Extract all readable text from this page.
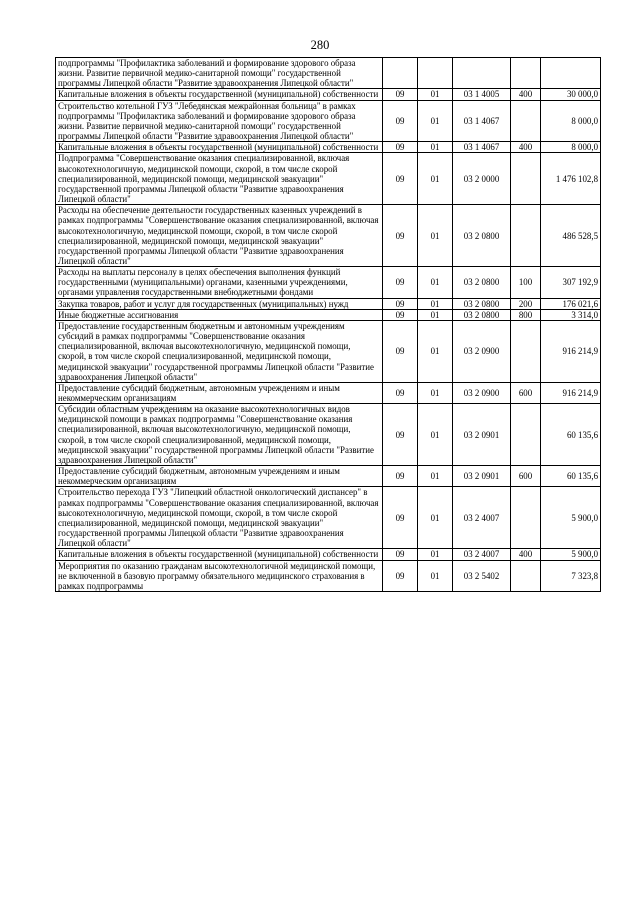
280
подпрограммы "Профилактика заболеваний и формирование здорового образа жизни. Развитие первичной медико-санитарной помощи" государственной программы Липецкой области "Развитие здравоохранения Липецкой области"					
Капитальные вложения в объекты государственной (муниципальной) собственности	09	01	03 1 4005	400	30 000,0
Строительство котельной ГУЗ "Лебедянская межрайонная больница" в рамках подпрограммы "Профилактика заболеваний и формирование здорового образа жизни. Развитие первичной медико-санитарной помощи" государственной программы Липецкой области "Развитие здравоохранения Липецкой области"	09	01	03 1 4067		8 000,0
Капитальные вложения в объекты государственной (муниципальной) собственности	09	01	03 1 4067	400	8 000,0
Подпрограмма "Совершенствование оказания специализированной, включая высокотехнологичную, медицинской помощи, скорой, в том числе скорой специализированной, медицинской помощи, медицинской эвакуации" государственной программы Липецкой области "Развитие здравоохранения Липецкой области"	09	01	03 2 0000		1 476 102,8
Расходы на обеспечение деятельности государственных казенных учреждений в рамках подпрограммы "Совершенствование оказания специализированной, включая высокотехнологичную, медицинской помощи, скорой, в том числе скорой специализированной, медицинской помощи, медицинской эвакуации" государственной программы Липецкой области "Развитие здравоохранения Липецкой области"	09	01	03 2 0800		486 528,5
Расходы на выплаты персоналу в целях обеспечения выполнения функций государственными (муниципальными) органами, казенными учреждениями, органами управления государственными внебюджетными фондами	09	01	03 2 0800	100	307 192,9
Закупка товаров, работ и услуг для государственных (муниципальных) нужд	09	01	03 2 0800	200	176 021,6
Иные бюджетные ассигнования	09	01	03 2 0800	800	3 314,0
Предоставление государственным бюджетным и автономным учреждениям субсидий в рамках подпрограммы "Совершенствование оказания специализированной, включая высокотехнологичную, медицинской помощи, скорой, в том числе скорой специализированной, медицинской помощи, медицинской эвакуации" государственной программы Липецкой области "Развитие здравоохранения Липецкой области"	09	01	03 2 0900		916 214,9
Предоставление субсидий бюджетным, автономным учреждениям и иным некоммерческим организациям	09	01	03 2 0900	600	916 214,9
Субсидии областным учреждениям на оказание высокотехнологичных видов медицинской помощи в рамках подпрограммы "Совершенствование оказания специализированной, включая высокотехнологичную, медицинской помощи, скорой, в том числе скорой специализированной, медицинской помощи, медицинской эвакуации" государственной программы Липецкой области "Развитие здравоохранения Липецкой области"	09	01	03 2 0901		60 135,6
Предоставление субсидий бюджетным, автономным учреждениям и иным некоммерческим организациям	09	01	03 2 0901	600	60 135,6
Строительство перехода ГУЗ "Липецкий областной онкологический диспансер" в рамках подпрограммы "Совершенствование оказания специализированной, включая высокотехнологичную, медицинской помощи, скорой, в том числе скорой специализированной, медицинской помощи, медицинской эвакуации" государственной программы Липецкой области "Развитие здравоохранения Липецкой области"	09	01	03 2 4007		5 900,0
Капитальные вложения в объекты государственной (муниципальной) собственности	09	01	03 2 4007	400	5 900,0
Мероприятия по оказанию гражданам высокотехнологичной медицинской помощи, не включенной в базовую программу обязательного медицинского страхования в рамках подпрограммы	09	01	03 2 5402		7 323,8
